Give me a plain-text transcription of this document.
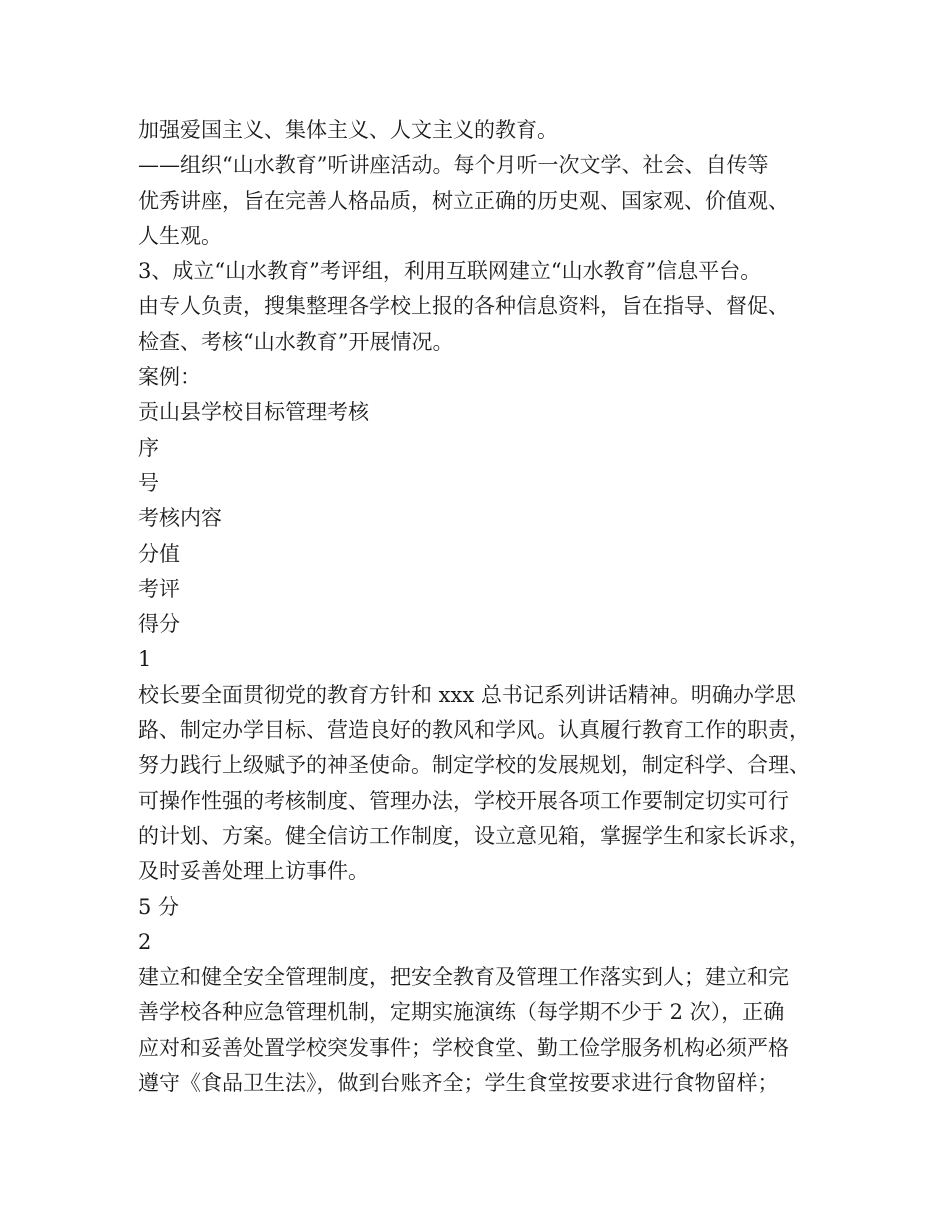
加强爱国主义、集体主义、人文主义的教育。

——组织“山水教育”听讲座活动。每个月听一次文学、社会、自传等

优秀讲座，旨在完善人格品质，树立正确的历史观、国家观、价值观、

人生观。

3、成立“山水教育”考评组，利用互联网建立“山水教育”信息平台。

由专人负责，搜集整理各学校上报的各种信息资料，旨在指导、督促、

检查、考核“山水教育”开展情况。

案例：

贡山县学校目标管理考核

序

号

考核内容

分值

考评

得分

1

校长要全面贯彻党的教育方针和 xxx 总书记系列讲话精神。明确办学思

路、制定办学目标、营造良好的教风和学风。认真履行教育工作的职责，

努力践行上级赋予的神圣使命。制定学校的发展规划，制定科学、合理、

可操作性强的考核制度、管理办法，学校开展各项工作要制定切实可行

的计划、方案。健全信访工作制度，设立意见箱，掌握学生和家长诉求，

及时妥善处理上访事件。

5 分

2

建立和健全安全管理制度，把安全教育及管理工作落实到人；建立和完

善学校各种应急管理机制，定期实施演练（每学期不少于 2 次），正确

应对和妥善处置学校突发事件；学校食堂、勤工俭学服务机构必须严格

遵守《食品卫生法》，做到台账齐全；学生食堂按要求进行食物留样；
